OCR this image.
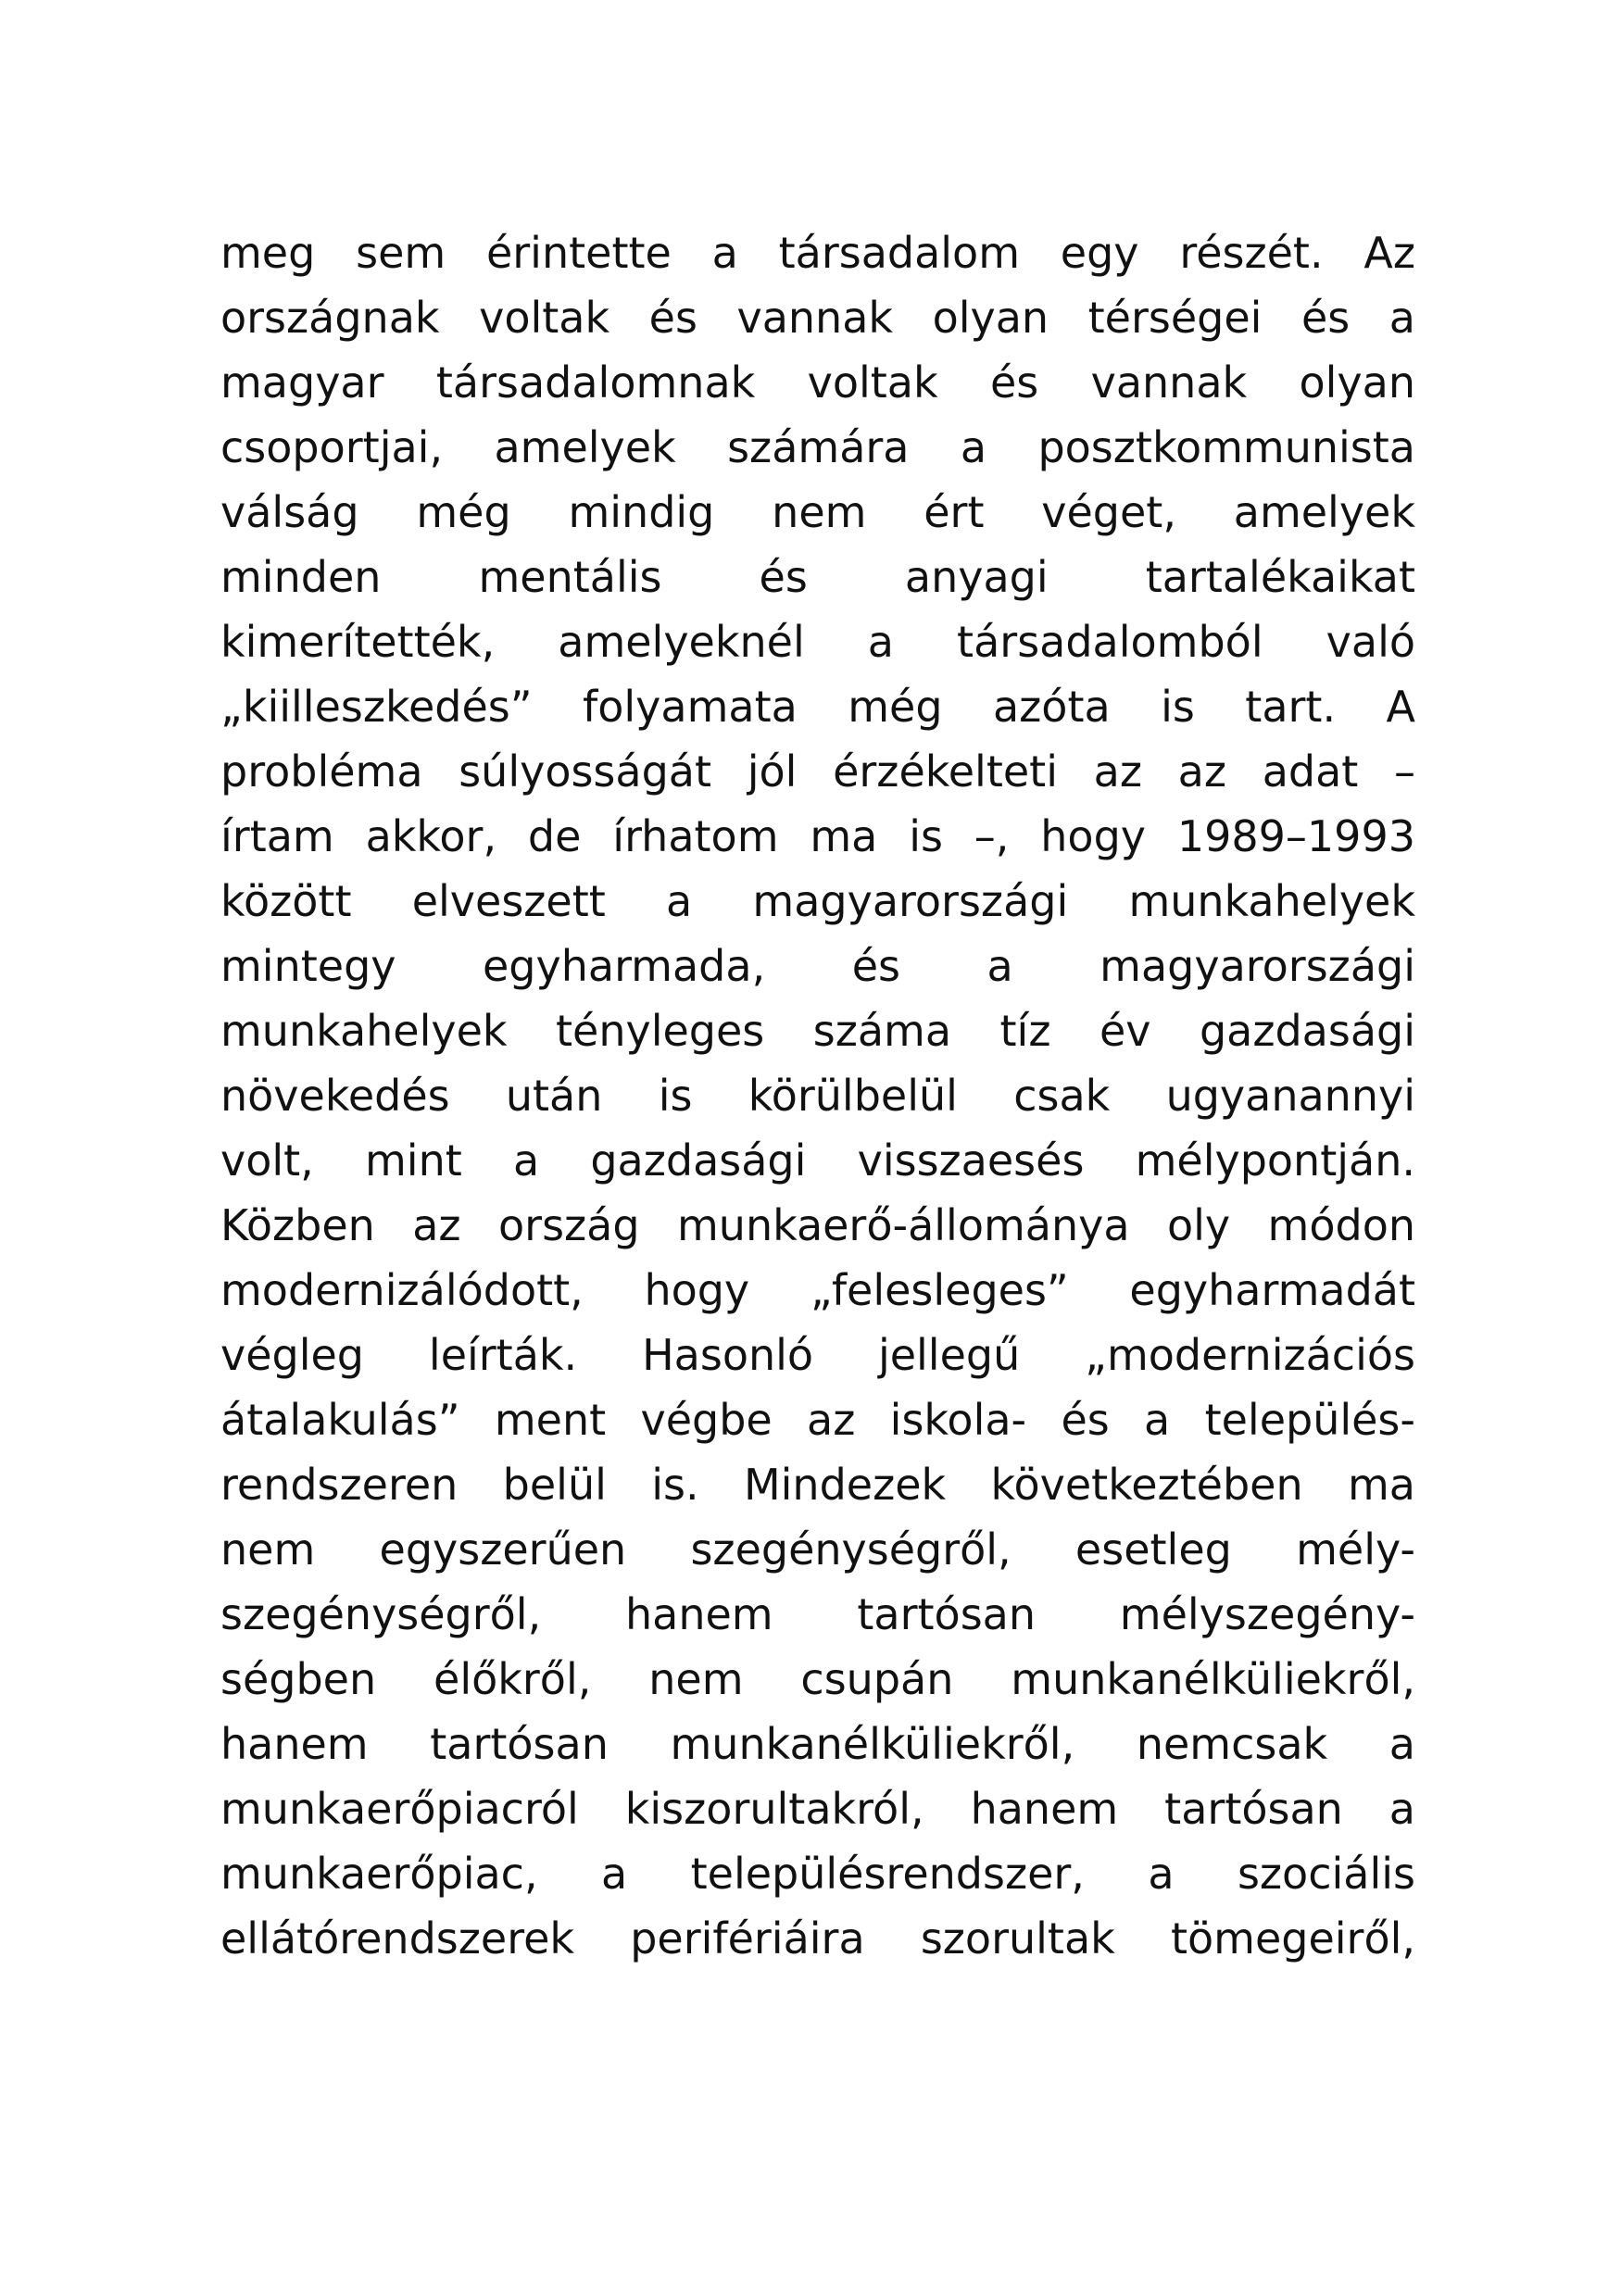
meg sem érintette a társadalom egy részét. Az
országnak voltak és vannak olyan térségei és a
magyar társadalomnak voltak és vannak olyan
csoportjai, amelyek számára a posztkommunista
válság még mindig nem ért véget, amelyek
minden mentális és anyagi tartalékaikat
kimerítették, amelyeknél a társadalomból való
„kiilleszkedés” folyamata még azóta is tart. A
probléma súlyosságát jól érzékelteti az az adat –
írtam akkor, de írhatom ma is –, hogy 1989–1993
között elveszett a magyarországi munkahelyek
mintegy egyharmada, és a magyarországi
munkahelyek tényleges száma tíz év gazdasági
növekedés után is körülbelül csak ugyanannyi
volt, mint a gazdasági visszaesés mélypontján.
Közben az ország munkaerő-állománya oly módon
modernizálódott, hogy „felesleges” egyharmadát
végleg leírták. Hasonló jellegű „modernizációs
átalakulás” ment végbe az iskola- és a település-
rendszeren belül is. Mindezek következtében ma
nem egyszerűen szegénységről, esetleg mély-
szegénységről, hanem tartósan mélyszegény-
ségben élőkről, nem csupán munkanélküliekről,
hanem tartósan munkanélküliekről, nemcsak a
munkaerőpiacról kiszorultakról, hanem tartósan a
munkaerőpiac, a településrendszer, a szociális
ellátórendszerek perifériáira szorultak tömegeiről,
